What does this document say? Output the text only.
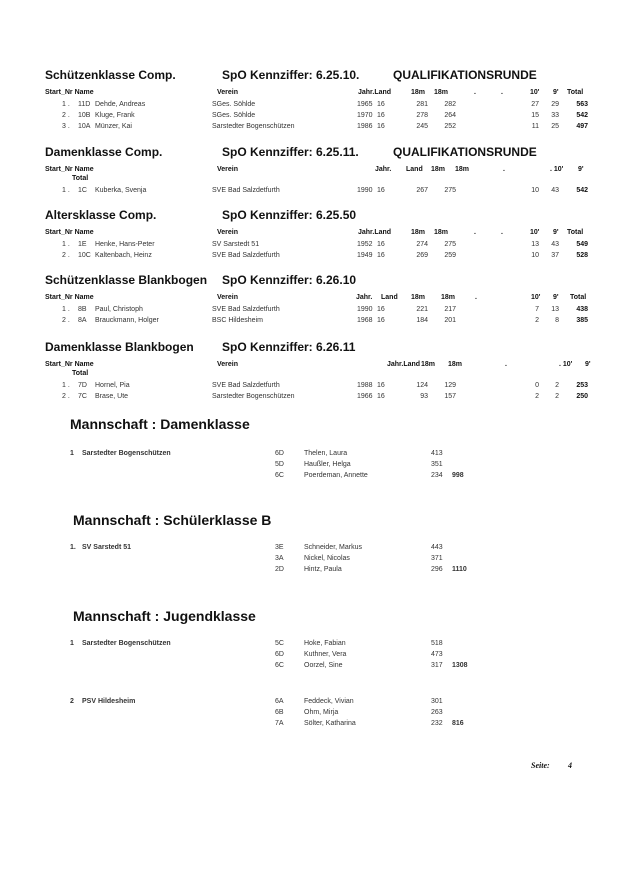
Schützenklasse Comp.	SpO Kennziffer: 6.25.10.	QUALIFIKATIONSRUNDE
Start_Nr Name	Verein	Jahr.Land	18m 18m	.	.	10' 9' Total
1 . 11D Dehde, Andreas	SGes. Söhlde	1965 16	281	282	27	29	563
2 . 10B Kluge, Frank	SGes. Söhlde	1970 16	278	264	15	33	542
3 . 10A Münzer, Kai	Sarstedter Bogenschützen	1986 16	245	252	11	25	497
Damenklasse Comp.	SpO Kennziffer: 6.25.11.	QUALIFIKATIONSRUNDE
Start_Nr Name	Verein	Jahr. Land 18m 18m	.	. 10' 9'
Total
1 . 1C Kuberka, Svenja	SVE Bad Salzdetfurth	1990 16	267	275	10	43	542
Altersklasse Comp.	SpO Kennziffer: 6.25.50
Start_Nr Name	Verein	Jahr.Land	18m 18m	.	.	10' 9' Total
1 . 1E Henke, Hans-Peter	SV Sarstedt 51	1952 16	274	275	13	43	549
2 . 10C Kaltenbach, Heinz	SVE Bad Salzdetfurth	1949 16	269	259	10	37	528
Schützenklasse Blankbogen SpO Kennziffer: 6.26.10
Start_Nr Name	Verein	Jahr. Land 18m 18m	.	10' 9' Total
1 . 8B Paul, Christoph	SVE Bad Salzdetfurth	1990 16	221	217	7	13	438
2 . 8A Brauckmann, Holger	BSC Hildesheim	1968 16	184	201	2	8	385
Damenklasse Blankbogen SpO Kennziffer: 6.26.11
Start_Nr Name	Verein	Jahr.Land 18m 18m	.	. 10' 9'
Total
1 . 7D Hornel, Pia	SVE Bad Salzdetfurth	1988 16	124	129	0	2	253
2 . 7C Brase, Ute	Sarstedter Bogenschützen	1966 16	93	157	2	2	250
Mannschaft : Damenklasse
1 Sarstedter Bogenschützen	6D	Thelen, Laura	413
5D	Haußler, Helga	351
6C	Poerdeman, Annette	234 998
Mannschaft : Schülerklasse B
1. SV Sarstedt 51	3E	Schneider, Markus	443
3A	Nickel, Nicolas	371
2D	Hintz, Paula	296 1110
Mannschaft : Jugendklasse
1 Sarstedter Bogenschützen	5C	Hoke, Fabian	518
6D	Kuthner, Vera	473
6C	Oorzel, Sine	317 1308
2 PSV Hildesheim	6A	Feddeck, Vivian	301
6B	Ohm, Mirja	263
7A	Sölter, Katharina	232 816
Seite: 4
